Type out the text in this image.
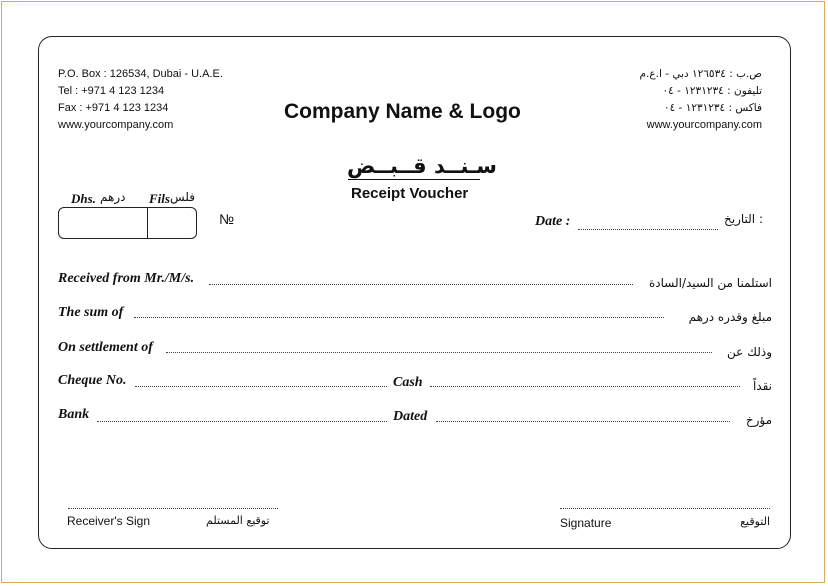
P.O. Box : 126534, Dubai - U.A.E.
Tel : +971 4 123 1234
Fax : +971 4 123 1234
www.yourcompany.com
Company Name & Logo
ص.ب : ١٢٦٥٣٤ دبي - ا.ع.م
تليفون : ١٢٣١٢٣٤ - ٠٤
فاكس : ١٢٣١٢٣٤ - ٠٤
www.yourcompany.com
سـنــد قــبــض
Receipt Voucher
Dhs. درهم Fils فلس
№	Date :	: التاريخ
Received from Mr./M/s.	استلمنا من السيد/السادة
The sum of	مبلغ وقدره درهم
On settlement of	وذلك عن
Cheque No.	Cash	نقداً
Bank	Dated	مؤرخ
Receiver's Sign	توقيع المستلم	Signature	التوقيع
